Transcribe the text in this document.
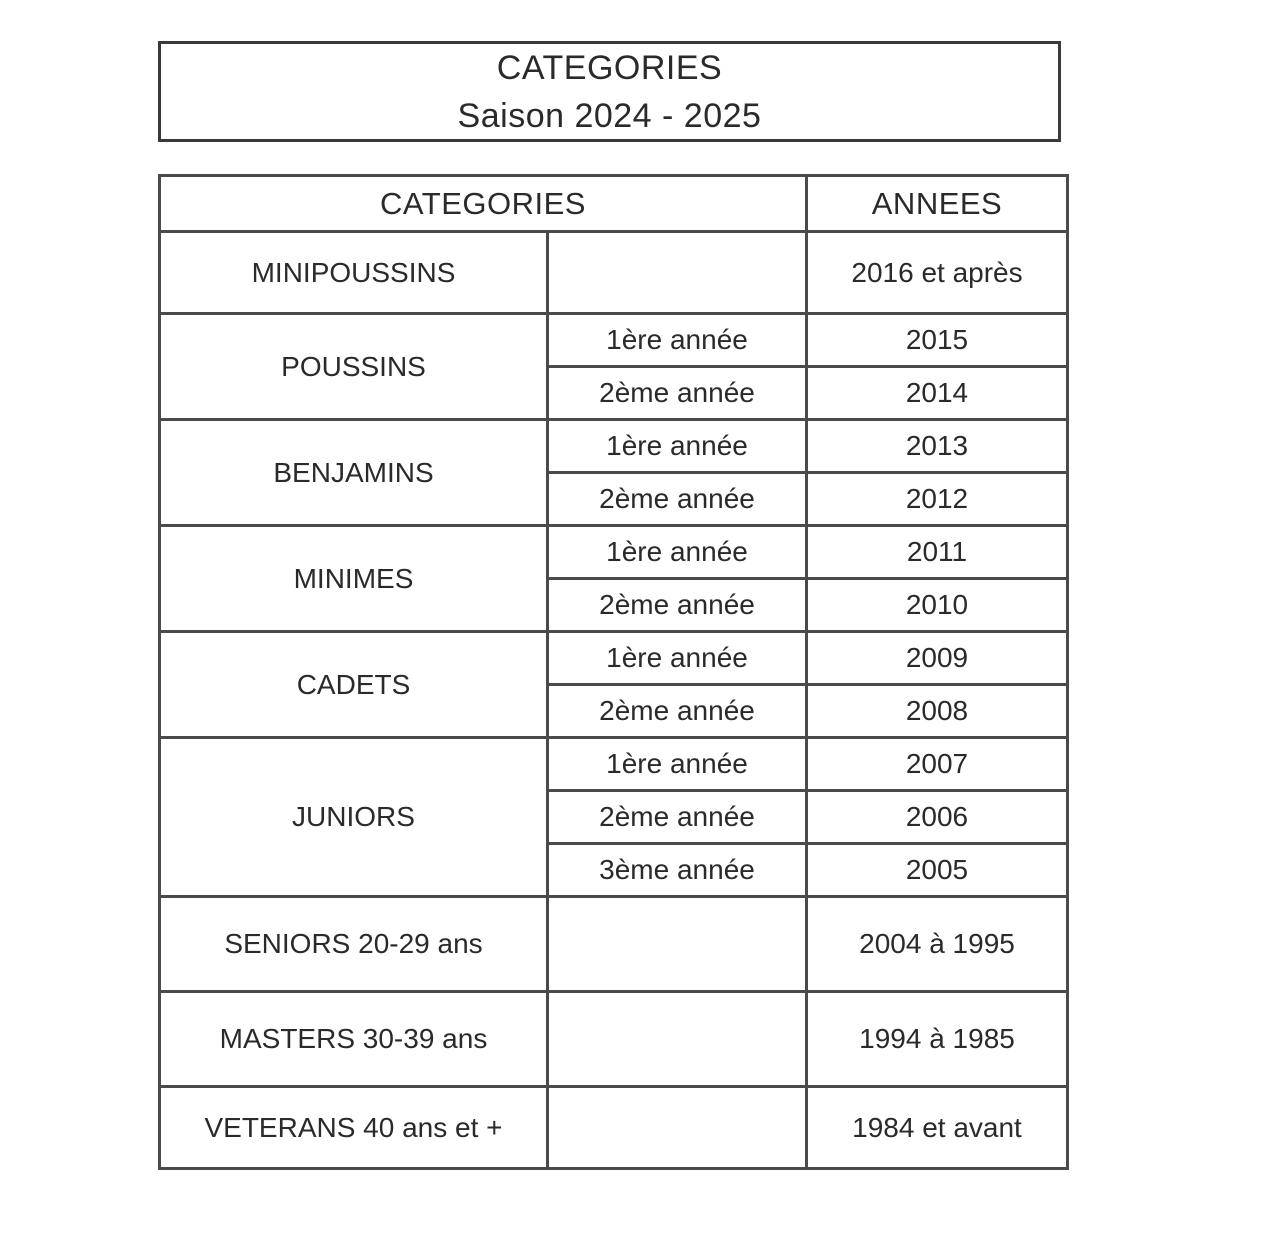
CATEGORIES
Saison 2024 - 2025
CATEGORIES		ANNEES
MINIPOUSSINS		2016 et après
POUSSINS	1ère année	2015
	2ème année	2014
BENJAMINS	1ère année	2013
	2ème année	2012
MINIMES	1ère année	2011
	2ème année	2010
CADETS	1ère année	2009
	2ème année	2008
JUNIORS	1ère année	2007
	2ème année	2006
	3ème année	2005
SENIORS 20-29 ans		2004 à 1995
MASTERS 30-39 ans		1994 à 1985
VETERANS 40 ans et +		1984 et avant
